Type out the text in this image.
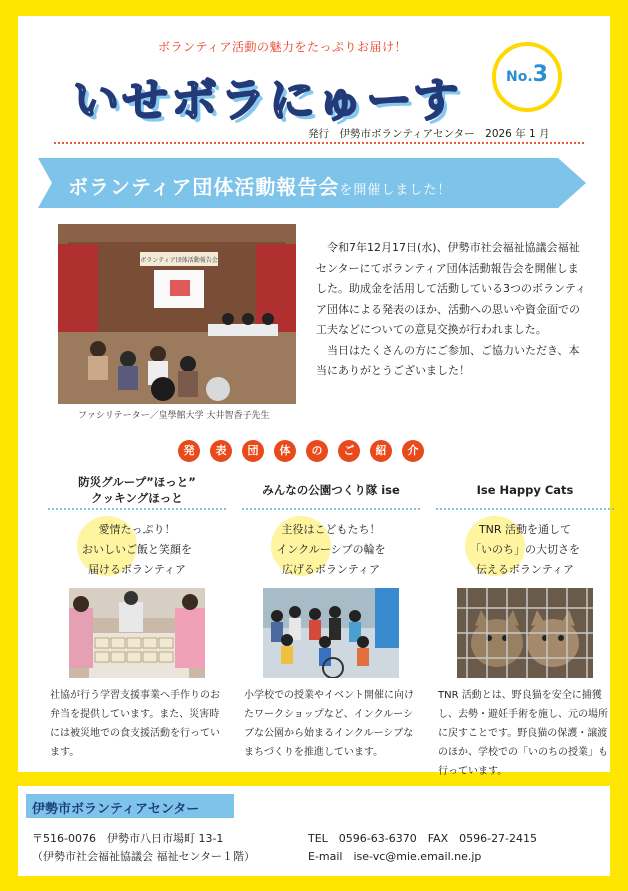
ボランティア活動の魅力をたっぷりお届け！
いせボラにゅーす	No.3
発行　伊勢市ボランティアセンター　2026 年 1 月
ボランティア団体活動報告会を開催しました！
ボランティア団体活動報告会
ファシリテーター／皇學館大学 大井智香子先生

令和7年12月17日(水)、伊勢市社会福祉協議会福祉センターにてボランティア団体活動報告会を開催しました。助成金を活用して活動している3つのボランティア団体による発表のほか、活動への思いや資金面での工夫などについての意見交換が行われました。

当日はたくさんの方にご参加、ご協力いただき、本当にありがとうございました！

発	表	団	体	の	ご	紹	介
防災グループ”ほっと”
クッキングほっと
愛情たっぷり！
おいしいご飯と笑顔を
届けるボランティア
社協が行う学習支援事業へ手作りのお弁当を提供しています。また、災害時には被災地での食支援活動を行っています。
みんなの公園つくり隊 ise
主役はこどもたち！
インクルーシブの輪を
広げるボランティア
小学校での授業やイベント開催に向けたワークショップなど、インクルーシブな公園から始まるインクルーシブなまちづくりを推進しています。
Ise Happy Cats
TNR 活動を通して
「いのち」の大切さを
伝えるボランティア
TNR 活動とは、野良猫を安全に捕獲し、去勢・避妊手術を施し、元の場所に戻すことです。野良猫の保護・譲渡のほか、学校での「いのちの授業」も行っています。
伊勢市ボランティアセンター
〒516-0076　伊勢市八日市場町 13-1
（伊勢市社会福祉協議会 福祉センター１階）
TEL　0596-63-6370　FAX　0596-27-2415
E-mail　ise-vc@mie.email.ne.jp
